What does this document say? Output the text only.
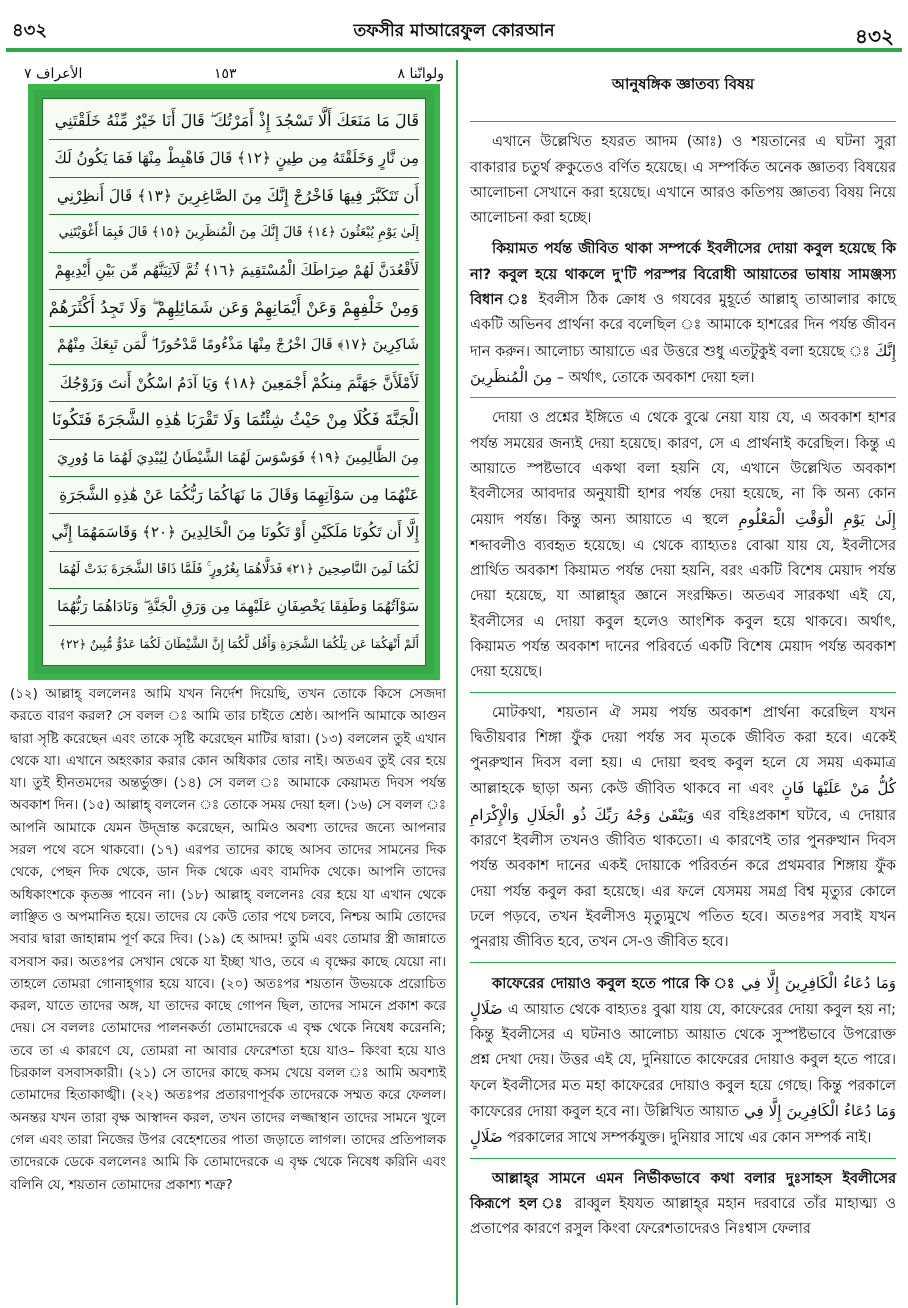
৪৩২	তফসীর মাআরেফুল কোরআন	৪৩২
الأعراف ٧	١٥٣	ولوانّنا ٨
قَالَ مَا مَنَعَكَ أَلَّا تَسْجُدَ إِذْ أَمَرْتُكَ ۖ قَالَ أَنَا خَيْرٌ مِّنْهُ خَلَقْتَنِي
مِن نَّارٍ وَخَلَقْتَهُ مِن طِينٍ ﴿١٢﴾ قَالَ فَاهْبِطْ مِنْهَا فَمَا يَكُونُ لَكَ
أَن تَتَكَبَّرَ فِيهَا فَاخْرُجْ إِنَّكَ مِنَ الصَّاغِرِينَ ﴿١٣﴾ قَالَ أَنظِرْنِي
إِلَىٰ يَوْمِ يُبْعَثُونَ ﴿١٤﴾ قَالَ إِنَّكَ مِنَ الْمُنظَرِينَ ﴿١٥﴾ قَالَ فَبِمَا أَغْوَيْتَنِي
لَأَقْعُدَنَّ لَهُمْ صِرَاطَكَ الْمُسْتَقِيمَ ﴿١٦﴾ ثُمَّ لَآتِيَنَّهُم مِّن بَيْنِ أَيْدِيهِمْ
وَمِنْ خَلْفِهِمْ وَعَنْ أَيْمَانِهِمْ وَعَن شَمَائِلِهِمْ ۖ وَلَا تَجِدُ أَكْثَرَهُمْ
شَاكِرِينَ ﴿١٧﴾ قَالَ اخْرُجْ مِنْهَا مَذْءُومًا مَّدْحُورًا ۖ لَّمَن تَبِعَكَ مِنْهُمْ
لَأَمْلَأَنَّ جَهَنَّمَ مِنكُمْ أَجْمَعِينَ ﴿١٨﴾ وَيَا آدَمُ اسْكُنْ أَنتَ وَزَوْجُكَ
الْجَنَّةَ فَكُلَا مِنْ حَيْثُ شِئْتُمَا وَلَا تَقْرَبَا هَٰذِهِ الشَّجَرَةَ فَتَكُونَا
مِنَ الظَّالِمِينَ ﴿١٩﴾ فَوَسْوَسَ لَهُمَا الشَّيْطَانُ لِيُبْدِيَ لَهُمَا مَا وُورِيَ
عَنْهُمَا مِن سَوْآتِهِمَا وَقَالَ مَا نَهَاكُمَا رَبُّكُمَا عَنْ هَٰذِهِ الشَّجَرَةِ
إِلَّا أَن تَكُونَا مَلَكَيْنِ أَوْ تَكُونَا مِنَ الْخَالِدِينَ ﴿٢٠﴾ وَقَاسَمَهُمَا إِنِّي
لَكُمَا لَمِنَ النَّاصِحِينَ ﴿٢١﴾ فَدَلَّاهُمَا بِغُرُورٍ ۚ فَلَمَّا ذَاقَا الشَّجَرَةَ بَدَتْ لَهُمَا
سَوْآتُهُمَا وَطَفِقَا يَخْصِفَانِ عَلَيْهِمَا مِن وَرَقِ الْجَنَّةِ ۖ وَنَادَاهُمَا رَبُّهُمَا
أَلَمْ أَنْهَكُمَا عَن تِلْكُمَا الشَّجَرَةِ وَأَقُل لَّكُمَا إِنَّ الشَّيْطَانَ لَكُمَا عَدُوٌّ مُّبِينٌ ﴿٢٢﴾

(১২) আল্লাহ্‌ বললেনঃ আমি যখন নির্দেশ দিয়েছি, তখন তোকে কিসে সেজদা করতে বারণ করল? সে বলল ঃ আমি তার চাইতে শ্রেষ্ঠ। আপনি আমাকে আগুন দ্বারা সৃষ্টি করেছেন এবং তাকে সৃষ্টি করেছেন মাটির দ্বারা। (১৩) বললেন তুই এখান থেকে যা। এখানে অহংকার করার কোন অধিকার তোর নাই। অতএব তুই বের হয়ে যা। তুই হীনতমদের অন্তর্ভুক্ত। (১৪) সে বলল ঃ আমাকে কেয়ামত দিবস পর্যন্ত অবকাশ দিন। (১৫) আল্লাহ্‌ বললেন ঃ তোকে সময় দেয়া হল। (১৬) সে বলল ঃ আপনি আমাকে যেমন উদ্‌ভ্রান্ত করেছেন, আমিও অবশ্য তাদের জন্যে আপনার সরল পথে বসে থাকবো। (১৭) এরপর তাদের কাছে আসব তাদের সামনের দিক থেকে, পেছন দিক থেকে, ডান দিক থেকে এবং বামদিক থেকে। আপনি তাদের অধিকাংশকে কৃতজ্ঞ পাবেন না। (১৮) আল্লাহ্‌ বললেনঃ বের হয়ে যা এখান থেকে লাঞ্ছিত ও অপমানিত হয়ে। তাদের যে কেউ তোর পথে চলবে, নিশ্চয় আমি তোদের সবার দ্বারা জাহান্নাম পূর্ণ করে দিব। (১৯) হে আদম! তুমি এবং তোমার স্ত্রী জান্নাতে বসবাস কর। অতঃপর সেখান থেকে যা ইচ্ছা খাও, তবে এ বৃক্ষের কাছে যেয়ো না। তাহলে তোমরা গোনাহ্‌গার হয়ে যাবে। (২০) অতঃপর শয়তান উভয়কে প্ররোচিত করল, যাতে তাদের অঙ্গ, যা তাদের কাছে গোপন ছিল, তাদের সামনে প্রকাশ করে দেয়। সে বললঃ তোমাদের পালনকর্তা তোমাদেরকে এ বৃক্ষ থেকে নিষেধ করেননি; তবে তা এ কারণে যে, তোমরা না আবার ফেরেশতা হয়ে যাও– কিংবা হয়ে যাও চিরকাল বসবাসকারী। (২১) সে তাদের কাছে কসম খেয়ে বলল ঃ আমি অবশ্যই তোমাদের হিতাকাঙ্খী। (২২) অতঃপর প্রতারণাপূর্বক তাদেরকে সম্মত করে ফেলল। অনন্তর যখন তারা বৃক্ষ আস্বাদন করল, তখন তাদের লজ্জাস্থান তাদের সামনে খুলে গেল এবং তারা নিজের উপর বেহেশতের পাতা জড়াতে লাগল। তাদের প্রতিপালক তাদেরকে ডেকে বললেনঃ আমি কি তোমাদেরকে এ বৃক্ষ থেকে নিষেধ করিনি এবং বলিনি যে, শয়তান তোমাদের প্রকাশ্য শত্রু?

আনুষঙ্গিক জ্ঞাতব্য বিষয়

এখানে উল্লেখিত হযরত আদম (আঃ) ও শয়তানের এ ঘটনা সুরা বাকারার চতুর্থ রুকুতেও বর্ণিত হয়েছে। এ সম্পর্কিত অনেক জ্ঞাতব্য বিষয়ের আলোচনা সেখানে করা হয়েছে। এখানে আরও কতিপয় জ্ঞাতব্য বিষয় নিয়ে আলোচনা করা হচ্ছে।

কিয়ামত পর্যন্ত জীবিত থাকা সম্পর্কে ইবলীসের দোয়া কবুল হয়েছে কি না? কবুল হয়ে থাকলে দু'টি পরস্পর বিরোধী আয়াতের ভাষায় সামঞ্জস্য বিধান ঃ ইবলীস ঠিক ক্রোধ ও গযবের মুহূর্তে আল্লাহ্‌ তাআলার কাছে একটি অভিনব প্রার্থনা করে বলেছিল ঃ আমাকে হাশরের দিন পর্যন্ত জীবন দান করুন। আলোচ্য আয়াতে এর উত্তরে শুধু এতটুকুই বলা হয়েছে ঃ إِنَّكَ مِنَ الْمُنظَرِينَ – অর্থাৎ, তোকে অবকাশ দেয়া হল।

দোয়া ও প্রশ্নের ইঙ্গিতে এ থেকে বুঝে নেয়া যায় যে, এ অবকাশ হাশর পর্যন্ত সময়ের জন্যই দেয়া হয়েছে। কারণ, সে এ প্রার্থনাই করেছিল। কিন্তু এ আয়াতে স্পষ্টভাবে একথা বলা হয়নি যে, এখানে উল্লেখিত অবকাশ ইবলীসের আবদার অনুযায়ী হাশর পর্যন্ত দেয়া হয়েছে, না কি অন্য কোন মেয়াদ পর্যন্ত। কিন্তু অন্য আয়াতে এ স্থলে إِلَىٰ يَوْمِ الْوَقْتِ الْمَعْلُومِ শব্দাবলীও ব্যবহৃত হয়েছে। এ থেকে ব্যাহ্যতঃ বোঝা যায় যে, ইবলীসের প্রার্থিত অবকাশ কিয়ামত পর্যন্ত দেয়া হয়নি, বরং একটি বিশেষ মেয়াদ পর্যন্ত দেয়া হয়েছে, যা আল্লাহ্‌র জ্ঞানে সংরক্ষিত। অতএব সারকথা এই যে, ইবলীসের এ দোয়া কবুল হলেও আংশিক কবুল হয়ে থাকবে। অর্থাৎ, কিয়ামত পর্যন্ত অবকাশ দানের পরিবর্তে একটি বিশেষ মেয়াদ পর্যন্ত অবকাশ দেয়া হয়েছে।

মোটকথা, শয়তান ঐ সময় পর্যন্ত অবকাশ প্রার্থনা করেছিল যখন দ্বিতীয়বার শিঙ্গা ফুঁক দেয়া পর্যন্ত সব মৃতকে জীবিত করা হবে। একেই পুনরুত্থান দিবস বলা হয়। এ দোয়া হুবহু কবুল হলে যে সময় একমাত্র আল্লাহকে ছাড়া অন্য কেউ জীবিত থাকবে না এবং كُلُّ مَنْ عَلَيْهَا فَانٍ وَيَبْقَىٰ وَجْهُ رَبِّكَ ذُو الْجَلَالِ وَالْإِكْرَامِ এর বহিঃপ্রকাশ ঘটবে, এ দোয়ার কারণে ইবলীস তখনও জীবিত থাকতো। এ কারণেই তার পুনরুত্থান দিবস পর্যন্ত অবকাশ দানের একই দোয়াকে পরিবর্তন করে প্রথমবার শিঙ্গায় ফুঁক দেয়া পর্যন্ত কবুল করা হয়েছে। এর ফলে যেসময় সমগ্র বিশ্ব মৃত্যুর কোলে ঢলে পড়বে, তখন ইবলীসও মৃত্যুমুখে পতিত হবে। অতঃপর সবাই যখন পুনরায় জীবিত হবে, তখন সে-ও জীবিত হবে।

কাফেরের দোয়াও কবুল হতে পারে কি ঃ وَمَا دُعَاءُ الْكَافِرِينَ إِلَّا فِي ضَلَالٍ এ আয়াত থেকে বাহ্যতঃ বুঝা যায় যে, কাফেরের দোয়া কবুল হয় না; কিন্তু ইবলীসের এ ঘটনাও আলোচ্য আয়াত থেকে সুস্পষ্টভাবে উপরোক্ত প্রশ্ন দেখা দেয়। উত্তর এই যে, দুনিয়াতে কাফেরের দোয়াও কবুল হতে পারে। ফলে ইবলীসের মত মহা কাফেরের দোয়াও কবুল হয়ে গেছে। কিন্তু পরকালে কাফেরের দোয়া কবুল হবে না। উল্লিখিত আয়াত وَمَا دُعَاءُ الْكَافِرِينَ إِلَّا فِي ضَلَالٍ পরকালের সাথে সম্পর্কযুক্ত। দুনিয়ার সাথে এর কোন সম্পর্ক নাই।

আল্লাহ্‌র সামনে এমন নির্ভীকভাবে কথা বলার দুঃসাহস ইবলীসের কিরূপে হল ঃ রাব্বুল ইযযত আল্লাহ্‌র মহান দরবারে তাঁর মাহাত্ম্য ও প্রতাপের কারণে রসুল কিংবা ফেরেশতাদেরও নিঃশ্বাস ফেলার
